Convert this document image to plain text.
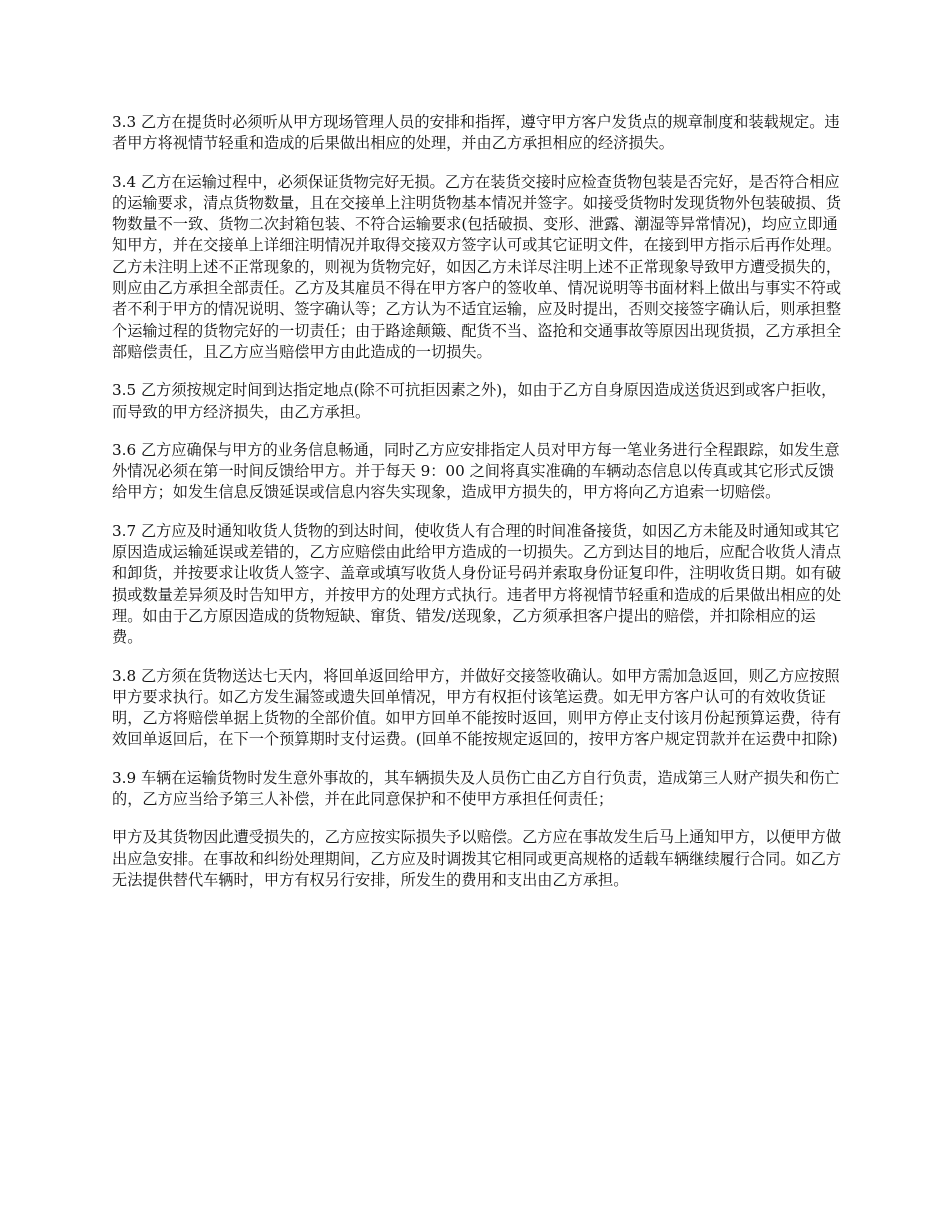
3.3 乙方在提货时必须听从甲方现场管理人员的安排和指挥，遵守甲方客户发货点的规章制度和装载规定。违者甲方将视情节轻重和造成的后果做出相应的处理，并由乙方承担相应的经济损失。

3.4 乙方在运输过程中，必须保证货物完好无损。乙方在装货交接时应检查货物包装是否完好，是否符合相应的运输要求，清点货物数量，且在交接单上注明货物基本情况并签字。如接受货物时发现货物外包装破损、货物数量不一致、货物二次封箱包装、不符合运输要求(包括破损、变形、泄露、潮湿等异常情况)，均应立即通知甲方，并在交接单上详细注明情况并取得交接双方签字认可或其它证明文件，在接到甲方指示后再作处理。乙方未注明上述不正常现象的，则视为货物完好，如因乙方未详尽注明上述不正常现象导致甲方遭受损失的，则应由乙方承担全部责任。乙方及其雇员不得在甲方客户的签收单、情况说明等书面材料上做出与事实不符或者不利于甲方的情况说明、签字确认等；乙方认为不适宜运输，应及时提出，否则交接签字确认后，则承担整个运输过程的货物完好的一切责任；由于路途颠簸、配货不当、盗抢和交通事故等原因出现货损，乙方承担全部赔偿责任，且乙方应当赔偿甲方由此造成的一切损失。

3.5 乙方须按规定时间到达指定地点(除不可抗拒因素之外)，如由于乙方自身原因造成送货迟到或客户拒收，而导致的甲方经济损失，由乙方承担。

3.6 乙方应确保与甲方的业务信息畅通，同时乙方应安排指定人员对甲方每一笔业务进行全程跟踪，如发生意外情况必须在第一时间反馈给甲方。并于每天 9：00 之间将真实准确的车辆动态信息以传真或其它形式反馈给甲方；如发生信息反馈延误或信息内容失实现象，造成甲方损失的，甲方将向乙方追索一切赔偿。

3.7 乙方应及时通知收货人货物的到达时间，使收货人有合理的时间准备接货，如因乙方未能及时通知或其它原因造成运输延误或差错的，乙方应赔偿由此给甲方造成的一切损失。乙方到达目的地后，应配合收货人清点和卸货，并按要求让收货人签字、盖章或填写收货人身份证号码并索取身份证复印件，注明收货日期。如有破损或数量差异须及时告知甲方，并按甲方的处理方式执行。违者甲方将视情节轻重和造成的后果做出相应的处理。如由于乙方原因造成的货物短缺、窜货、错发/送现象，乙方须承担客户提出的赔偿，并扣除相应的运费。

3.8 乙方须在货物送达七天内，将回单返回给甲方，并做好交接签收确认。如甲方需加急返回，则乙方应按照甲方要求执行。如乙方发生漏签或遗失回单情况，甲方有权拒付该笔运费。如无甲方客户认可的有效收货证明，乙方将赔偿单据上货物的全部价值。如甲方回单不能按时返回，则甲方停止支付该月份起预算运费，待有效回单返回后，在下一个预算期时支付运费。(回单不能按规定返回的，按甲方客户规定罚款并在运费中扣除)

3.9 车辆在运输货物时发生意外事故的，其车辆损失及人员伤亡由乙方自行负责，造成第三人财产损失和伤亡的，乙方应当给予第三人补偿，并在此同意保护和不使甲方承担任何责任；

甲方及其货物因此遭受损失的，乙方应按实际损失予以赔偿。乙方应在事故发生后马上通知甲方，以便甲方做出应急安排。在事故和纠纷处理期间，乙方应及时调拨其它相同或更高规格的适载车辆继续履行合同。如乙方无法提供替代车辆时，甲方有权另行安排，所发生的费用和支出由乙方承担。
